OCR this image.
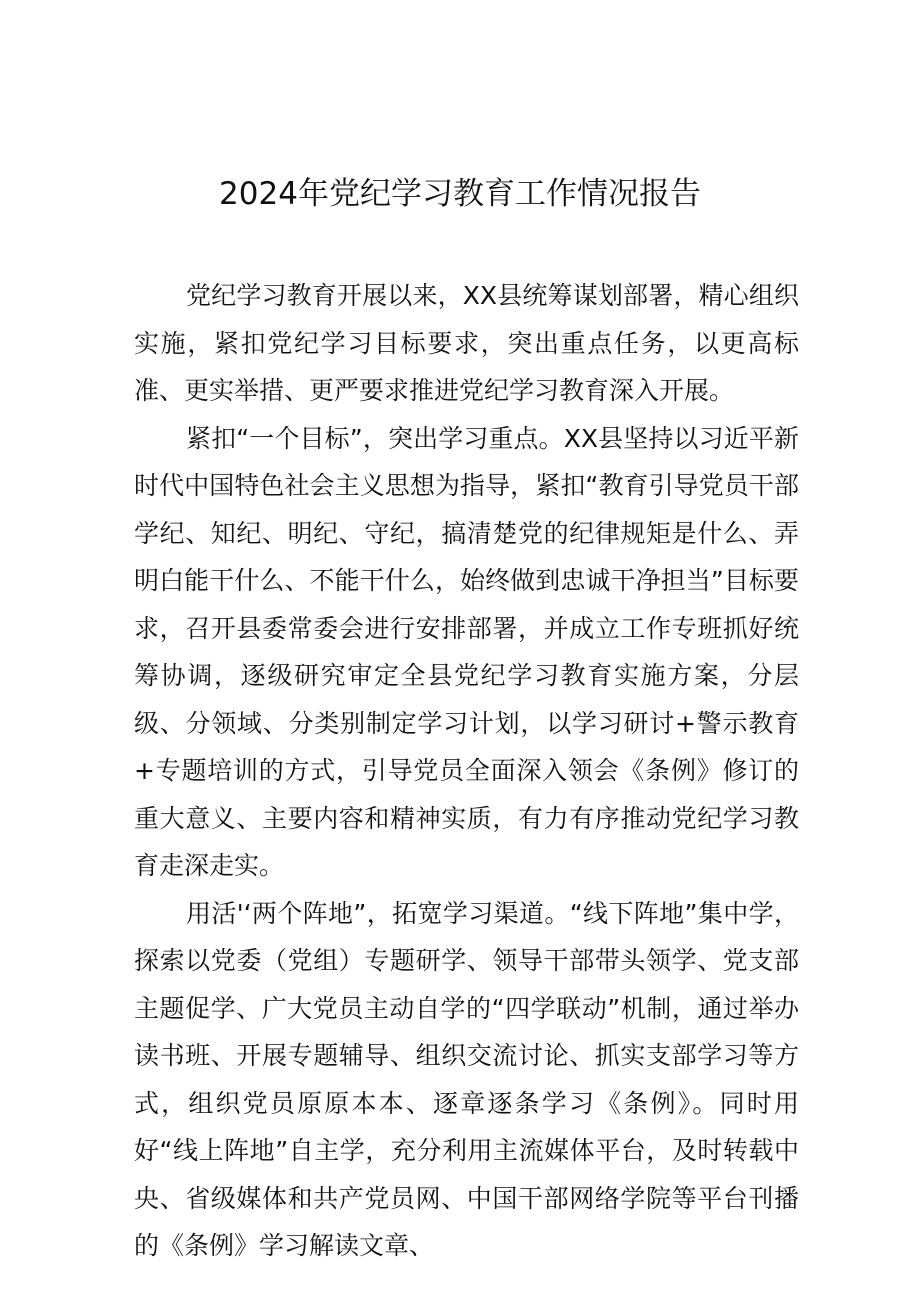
2024年党纪学习教育工作情况报告

党纪学习教育开展以来，XX县统筹谋划部署，精心组织实施，紧扣党纪学习目标要求，突出重点任务，以更高标准、更实举措、更严要求推进党纪学习教育深入开展。

紧扣“一个目标”，突出学习重点。XX县坚持以习近平新时代中国特色社会主义思想为指导，紧扣“教育引导党员干部学纪、知纪、明纪、守纪，搞清楚党的纪律规矩是什么、弄明白能干什么、不能干什么，始终做到忠诚干净担当”目标要求，召开县委常委会进行安排部署，并成立工作专班抓好统筹协调，逐级研究审定全县党纪学习教育实施方案，分层级、分领域、分类别制定学习计划，以学习研讨+警示教育+专题培训的方式，引导党员全面深入领会《条例》修订的重大意义、主要内容和精神实质，有力有序推动党纪学习教育走深走实。

用活'‘两个阵地”，拓宽学习渠道。“线下阵地”集中学，探索以党委（党组）专题研学、领导干部带头领学、党支部主题促学、广大党员主动自学的“四学联动”机制，通过举办读书班、开展专题辅导、组织交流讨论、抓实支部学习等方式，组织党员原原本本、逐章逐条学习《条例》。同时用好“线上阵地”自主学，充分利用主流媒体平台，及时转载中央、省级媒体和共产党员网、中国干部网络学院等平台刊播的《条例》学习解读文章、
